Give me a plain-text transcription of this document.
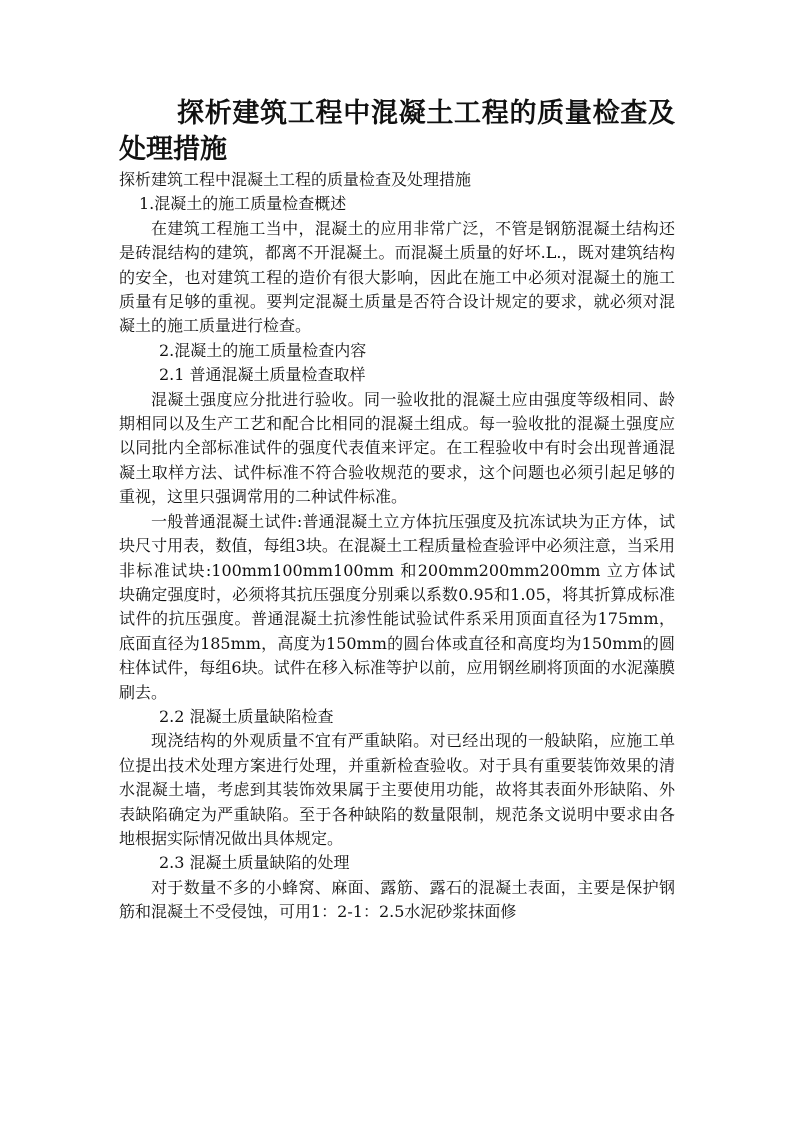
探析建筑工程中混凝土工程的质量检查及处理措施

探析建筑工程中混凝土工程的质量检查及处理措施

1.混凝土的施工质量检查概述

在建筑工程施工当中，混凝土的应用非常广泛，不管是钢筋混凝土结构还是砖混结构的建筑，都离不开混凝土。而混凝土质量的好坏.L.，既对建筑结构的安全，也对建筑工程的造价有很大影响，因此在施工中必须对混凝土的施工质量有足够的重视。要判定混凝土质量是否符合设计规定的要求，就必须对混凝土的施工质量进行检查。

2.混凝土的施工质量检查内容

2.1 普通混凝土质量检查取样

混凝土强度应分批进行验收。同一验收批的混凝土应由强度等级相同、龄期相同以及生产工艺和配合比相同的混凝土组成。每一验收批的混凝土强度应以同批内全部标准试件的强度代表值来评定。在工程验收中有时会出现普通混凝土取样方法、试件标准不符合验收规范的要求，这个问题也必须引起足够的重视，这里只强调常用的二种试件标准。

一般普通混凝土试件:普通混凝土立方体抗压强度及抗冻试块为正方体，试块尺寸用表，数值，每组3块。在混凝土工程质量检查验评中必须注意，当采用非标准试块:100mm100mm100mm 和200mm200mm200mm 立方体试块确定强度时，必须将其抗压强度分别乘以系数0.95和1.05，将其折算成标准试件的抗压强度。普通混凝土抗渗性能试验试件系采用顶面直径为175mm，底面直径为185mm，高度为150mm的圆台体或直径和高度均为150mm的圆柱体试件，每组6块。试件在移入标准等护以前，应用钢丝刷将顶面的水泥藻膜刷去。

2.2 混凝土质量缺陷检查

现浇结构的外观质量不宜有严重缺陷。对已经出现的一般缺陷，应施工单位提出技术处理方案进行处理，并重新检查验收。对于具有重要装饰效果的清水混凝土墙，考虑到其装饰效果属于主要使用功能，故将其表面外形缺陷、外表缺陷确定为严重缺陷。至于各种缺陷的数量限制，规范条文说明中要求由各地根据实际情况做出具体规定。

2.3 混凝土质量缺陷的处理

对于数量不多的小蜂窝、麻面、露筋、露石的混凝土表面，主要是保护钢筋和混凝土不受侵蚀，可用1：2-1：2.5水泥砂浆抹面修
